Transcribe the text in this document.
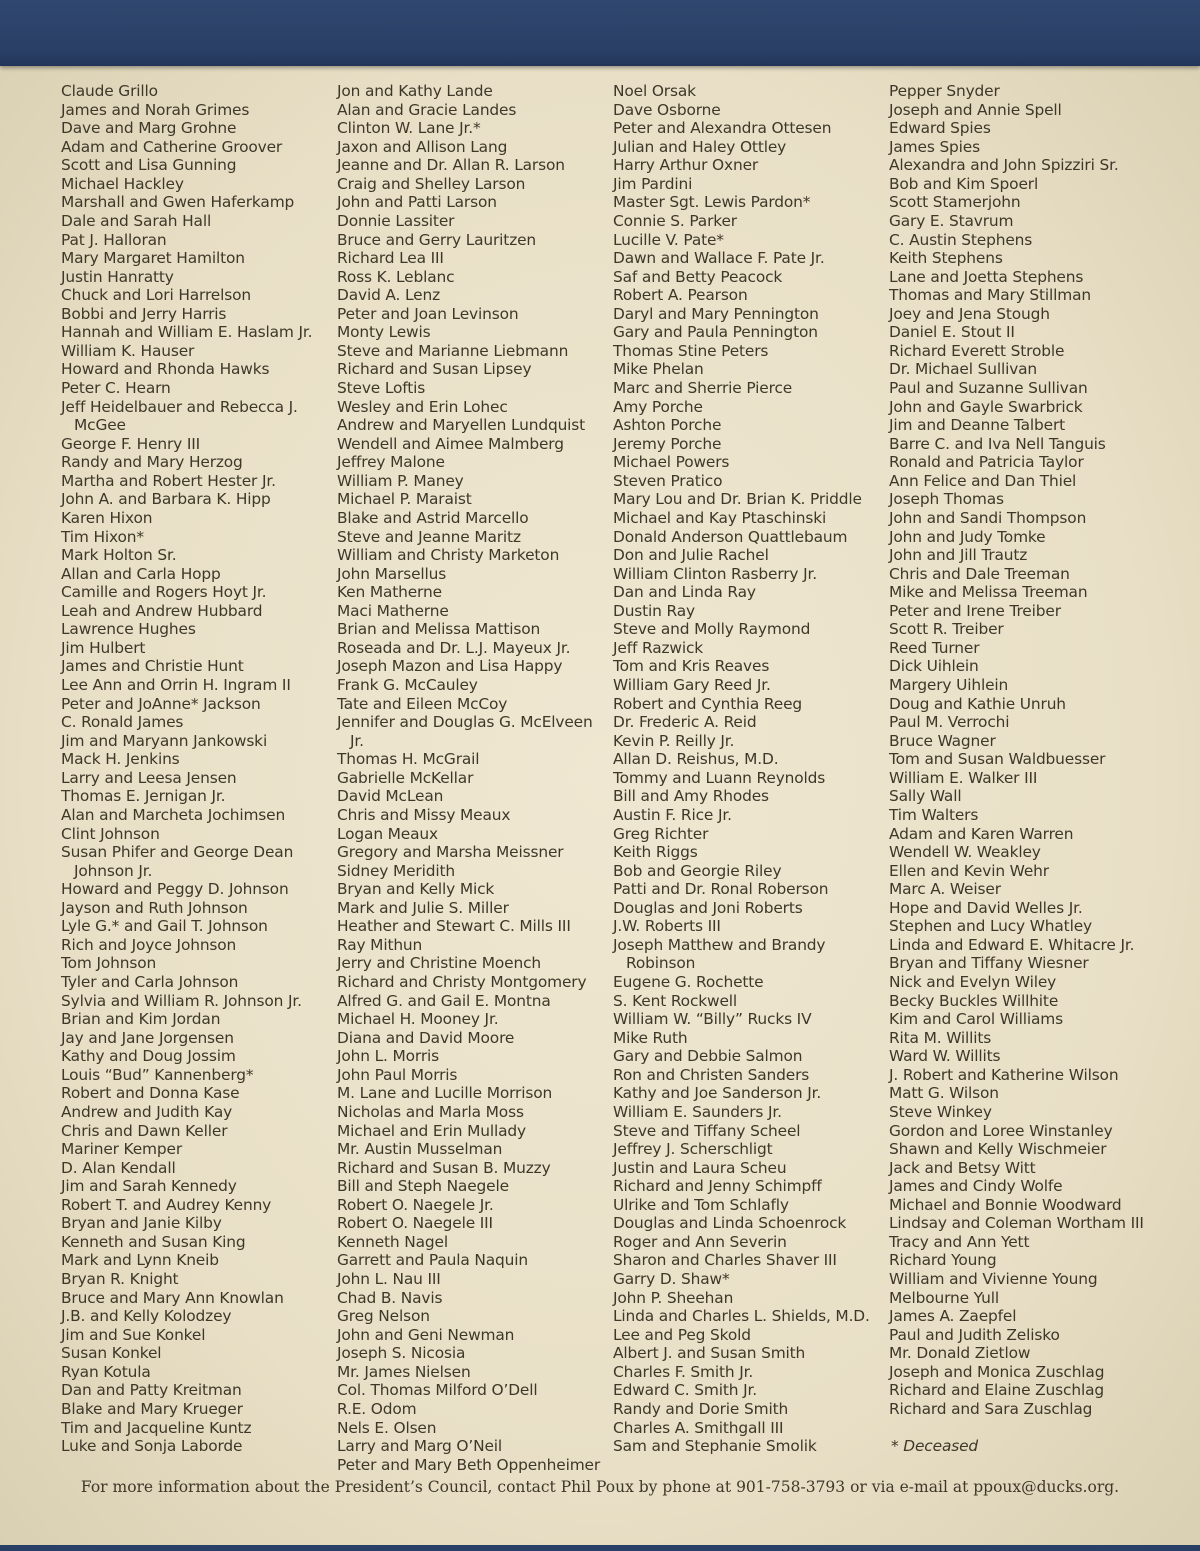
Claude Grillo
James and Norah Grimes
Dave and Marg Grohne
Adam and Catherine Groover
Scott and Lisa Gunning
Michael Hackley
Marshall and Gwen Haferkamp
Dale and Sarah Hall
Pat J. Halloran
Mary Margaret Hamilton
Justin Hanratty
Chuck and Lori Harrelson
Bobbi and Jerry Harris
Hannah and William E. Haslam Jr.
William K. Hauser
Howard and Rhonda Hawks
Peter C. Hearn
Jeff Heidelbauer and Rebecca J. McGee
George F. Henry III
Randy and Mary Herzog
Martha and Robert Hester Jr.
John A. and Barbara K. Hipp
Karen Hixon
Tim Hixon*
Mark Holton Sr.
Allan and Carla Hopp
Camille and Rogers Hoyt Jr.
Leah and Andrew Hubbard
Lawrence Hughes
Jim Hulbert
James and Christie Hunt
Lee Ann and Orrin H. Ingram II
Peter and JoAnne* Jackson
C. Ronald James
Jim and Maryann Jankowski
Mack H. Jenkins
Larry and Leesa Jensen
Thomas E. Jernigan Jr.
Alan and Marcheta Jochimsen
Clint Johnson
Susan Phifer and George Dean Johnson Jr.
Howard and Peggy D. Johnson
Jayson and Ruth Johnson
Lyle G.* and Gail T. Johnson
Rich and Joyce Johnson
Tom Johnson
Tyler and Carla Johnson
Sylvia and William R. Johnson Jr.
Brian and Kim Jordan
Jay and Jane Jorgensen
Kathy and Doug Jossim
Louis “Bud” Kannenberg*
Robert and Donna Kase
Andrew and Judith Kay
Chris and Dawn Keller
Mariner Kemper
D. Alan Kendall
Jim and Sarah Kennedy
Robert T. and Audrey Kenny
Bryan and Janie Kilby
Kenneth and Susan King
Mark and Lynn Kneib
Bryan R. Knight
Bruce and Mary Ann Knowlan
J.B. and Kelly Kolodzey
Jim and Sue Konkel
Susan Konkel
Ryan Kotula
Dan and Patty Kreitman
Blake and Mary Krueger
Tim and Jacqueline Kuntz
Luke and Sonja Laborde
Jon and Kathy Lande
Alan and Gracie Landes
Clinton W. Lane Jr.*
Jaxon and Allison Lang
Jeanne and Dr. Allan R. Larson
Craig and Shelley Larson
John and Patti Larson
Donnie Lassiter
Bruce and Gerry Lauritzen
Richard Lea III
Ross K. Leblanc
David A. Lenz
Peter and Joan Levinson
Monty Lewis
Steve and Marianne Liebmann
Richard and Susan Lipsey
Steve Loftis
Wesley and Erin Lohec
Andrew and Maryellen Lundquist
Wendell and Aimee Malmberg
Jeffrey Malone
William P. Maney
Michael P. Maraist
Blake and Astrid Marcello
Steve and Jeanne Maritz
William and Christy Marketon
John Marsellus
Ken Matherne
Maci Matherne
Brian and Melissa Mattison
Roseada and Dr. L.J. Mayeux Jr.
Joseph Mazon and Lisa Happy
Frank G. McCauley
Tate and Eileen McCoy
Jennifer and Douglas G. McElveen Jr.
Thomas H. McGrail
Gabrielle McKellar
David McLean
Chris and Missy Meaux
Logan Meaux
Gregory and Marsha Meissner
Sidney Meridith
Bryan and Kelly Mick
Mark and Julie S. Miller
Heather and Stewart C. Mills III
Ray Mithun
Jerry and Christine Moench
Richard and Christy Montgomery
Alfred G. and Gail E. Montna
Michael H. Mooney Jr.
Diana and David Moore
John L. Morris
John Paul Morris
M. Lane and Lucille Morrison
Nicholas and Marla Moss
Michael and Erin Mullady
Mr. Austin Musselman
Richard and Susan B. Muzzy
Bill and Steph Naegele
Robert O. Naegele Jr.
Robert O. Naegele III
Kenneth Nagel
Garrett and Paula Naquin
John L. Nau III
Chad B. Navis
Greg Nelson
John and Geni Newman
Joseph S. Nicosia
Mr. James Nielsen
Col. Thomas Milford O’Dell
R.E. Odom
Nels E. Olsen
Larry and Marg O’Neil
Peter and Mary Beth Oppenheimer
Noel Orsak
Dave Osborne
Peter and Alexandra Ottesen
Julian and Haley Ottley
Harry Arthur Oxner
Jim Pardini
Master Sgt. Lewis Pardon*
Connie S. Parker
Lucille V. Pate*
Dawn and Wallace F. Pate Jr.
Saf and Betty Peacock
Robert A. Pearson
Daryl and Mary Pennington
Gary and Paula Pennington
Thomas Stine Peters
Mike Phelan
Marc and Sherrie Pierce
Amy Porche
Ashton Porche
Jeremy Porche
Michael Powers
Steven Pratico
Mary Lou and Dr. Brian K. Priddle
Michael and Kay Ptaschinski
Donald Anderson Quattlebaum
Don and Julie Rachel
William Clinton Rasberry Jr.
Dan and Linda Ray
Dustin Ray
Steve and Molly Raymond
Jeff Razwick
Tom and Kris Reaves
William Gary Reed Jr.
Robert and Cynthia Reeg
Dr. Frederic A. Reid
Kevin P. Reilly Jr.
Allan D. Reishus, M.D.
Tommy and Luann Reynolds
Bill and Amy Rhodes
Austin F. Rice Jr.
Greg Richter
Keith Riggs
Bob and Georgie Riley
Patti and Dr. Ronal Roberson
Douglas and Joni Roberts
J.W. Roberts III
Joseph Matthew and Brandy Robinson
Eugene G. Rochette
S. Kent Rockwell
William W. “Billy” Rucks IV
Mike Ruth
Gary and Debbie Salmon
Ron and Christen Sanders
Kathy and Joe Sanderson Jr.
William E. Saunders Jr.
Steve and Tiffany Scheel
Jeffrey J. Scherschligt
Justin and Laura Scheu
Richard and Jenny Schimpff
Ulrike and Tom Schlafly
Douglas and Linda Schoenrock
Roger and Ann Severin
Sharon and Charles Shaver III
Garry D. Shaw*
John P. Sheehan
Linda and Charles L. Shields, M.D.
Lee and Peg Skold
Albert J. and Susan Smith
Charles F. Smith Jr.
Edward C. Smith Jr.
Randy and Dorie Smith
Charles A. Smithgall III
Sam and Stephanie Smolik
Pepper Snyder
Joseph and Annie Spell
Edward Spies
James Spies
Alexandra and John Spizziri Sr.
Bob and Kim Spoerl
Scott Stamerjohn
Gary E. Stavrum
C. Austin Stephens
Keith Stephens
Lane and Joetta Stephens
Thomas and Mary Stillman
Joey and Jena Stough
Daniel E. Stout II
Richard Everett Stroble
Dr. Michael Sullivan
Paul and Suzanne Sullivan
John and Gayle Swarbrick
Jim and Deanne Talbert
Barre C. and Iva Nell Tanguis
Ronald and Patricia Taylor
Ann Felice and Dan Thiel
Joseph Thomas
John and Sandi Thompson
John and Judy Tomke
John and Jill Trautz
Chris and Dale Treeman
Mike and Melissa Treeman
Peter and Irene Treiber
Scott R. Treiber
Reed Turner
Dick Uihlein
Margery Uihlein
Doug and Kathie Unruh
Paul M. Verrochi
Bruce Wagner
Tom and Susan Waldbuesser
William E. Walker III
Sally Wall
Tim Walters
Adam and Karen Warren
Wendell W. Weakley
Ellen and Kevin Wehr
Marc A. Weiser
Hope and David Welles Jr.
Stephen and Lucy Whatley
Linda and Edward E. Whitacre Jr.
Bryan and Tiffany Wiesner
Nick and Evelyn Wiley
Becky Buckles Willhite
Kim and Carol Williams
Rita M. Willits
Ward W. Willits
J. Robert and Katherine Wilson
Matt G. Wilson
Steve Winkey
Gordon and Loree Winstanley
Shawn and Kelly Wischmeier
Jack and Betsy Witt
James and Cindy Wolfe
Michael and Bonnie Woodward
Lindsay and Coleman Wortham III
Tracy and Ann Yett
Richard Young
William and Vivienne Young
Melbourne Yull
James A. Zaepfel
Paul and Judith Zelisko
Mr. Donald Zietlow
Joseph and Monica Zuschlag
Richard and Elaine Zuschlag
Richard and Sara Zuschlag
* Deceased
For more information about the President’s Council, contact Phil Poux by phone at 901-758-3793 or via e-mail at ppoux@ducks.org.
